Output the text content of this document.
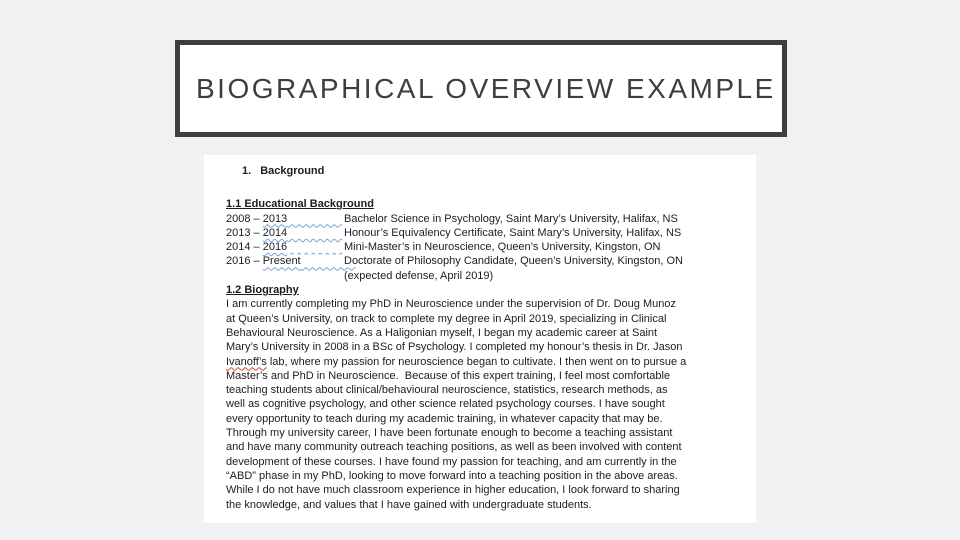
BIOGRAPHICAL OVERVIEW EXAMPLE
1. Background
1.1 Educational Background
2008 – 2013	Bachelor Science in Psychology, Saint Mary’s University, Halifax, NS
2013 – 2014	Honour’s Equivalency Certificate, Saint Mary’s University, Halifax, NS
2014 – 2016	Mini-Master’s in Neuroscience, Queen’s University, Kingston, ON
2016 – Present	Doctorate of Philosophy Candidate, Queen’s University, Kingston, ON
(expected defense, April 2019)
1.2 Biography
I am currently completing my PhD in Neuroscience under the supervision of Dr. Doug Munoz
at Queen’s University, on track to complete my degree in April 2019, specializing in Clinical
Behavioural Neuroscience. As a Haligonian myself, I began my academic career at Saint
Mary’s University in 2008 in a BSc of Psychology. I completed my honour’s thesis in Dr. Jason
Ivanoff’s lab, where my passion for neuroscience began to cultivate. I then went on to pursue a
Master’s and PhD in Neuroscience.  Because of this expert training, I feel most comfortable
teaching students about clinical/behavioural neuroscience, statistics, research methods, as
well as cognitive psychology, and other science related psychology courses. I have sought
every opportunity to teach during my academic training, in whatever capacity that may be.
Through my university career, I have been fortunate enough to become a teaching assistant
and have many community outreach teaching positions, as well as been involved with content
development of these courses. I have found my passion for teaching, and am currently in the
“ABD” phase in my PhD, looking to move forward into a teaching position in the above areas.
While I do not have much classroom experience in higher education, I look forward to sharing
the knowledge, and values that I have gained with undergraduate students.
